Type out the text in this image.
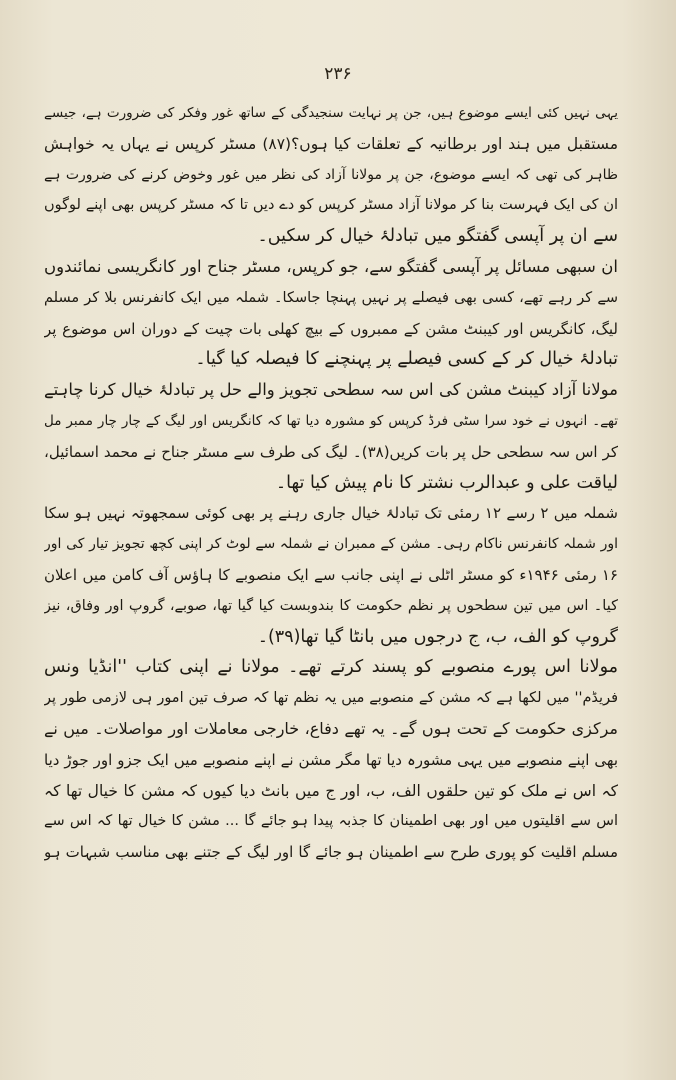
۲۳۶

یہی نہیں کئی ایسے موضوع ہیں، جن پر نہایت سنجیدگی کے ساتھ غور وفکر کی ضرورت ہے، جیسے
مستقبل میں ہند اور برطانیہ کے تعلقات کیا ہوں؟(۸۷) مسٹر کرپس نے یہاں یہ خواہش
ظاہر کی تھی کہ ایسے موضوع، جن پر مولانا آزاد کی نظر میں غور وخوض کرنے کی ضرورت ہے
ان کی ایک فہرست بنا کر مولانا آزاد مسٹر کرپس کو دے دیں تا کہ مسٹر کرپس بھی اپنے لوگوں
سے ان پر آپسی گفتگو میں تبادلۂ خیال کر سکیں۔

ان سبھی مسائل پر آپسی گفتگو سے، جو کرپس، مسٹر جناح اور کانگریسی نمائندوں
سے کر رہے تھے، کسی بھی فیصلے پر نہیں پہنچا جاسکا۔ شملہ میں ایک کانفرنس بلا کر مسلم
لیگ، کانگریس اور کیبنٹ مشن کے ممبروں کے بیچ کھلی بات چیت کے دوران اس موضوع پر
تبادلۂ خیال کر کے کسی فیصلے پر پہنچنے کا فیصلہ کیا گیا۔

مولانا آزاد کیبنٹ مشن کی اس سہ سطحی تجویز والے حل پر تبادلۂ خیال کرنا چاہتے
تھے۔ انہوں نے خود سرا سٹی فرڈ کرپس کو مشورہ دیا تھا کہ کانگریس اور لیگ کے چار چار ممبر مل
کر اس سہ سطحی حل پر بات کریں(۳۸)۔ لیگ کی طرف سے مسٹر جناح نے محمد اسمائیل،
لیاقت علی و عبدالرب نشتر کا نام پیش کیا تھا۔

شملہ میں ۲ رسے ۱۲ رمئی تک تبادلۂ خیال جاری رہنے پر بھی کوئی سمجھوتہ نہیں ہو سکا
اور شملہ کانفرنس ناکام رہی۔ مشن کے ممبران نے شملہ سے لوٹ کر اپنی کچھ تجویز تیار کی اور
۱۶ رمئی ۱۹۴۶ء کو مسٹر اٹلی نے اپنی جانب سے ایک منصوبے کا ہاؤس آف کامن میں اعلان
کیا۔ اس میں تین سطحوں پر نظم حکومت کا بندوبست کیا گیا تھا، صوبے، گروپ اور وفاق، نیز
گروپ کو الف، ب، ج درجوں میں بانٹا گیا تھا(۳۹)۔

مولانا اس پورے منصوبے کو پسند کرتے تھے۔ مولانا نے اپنی کتاب ''انڈیا ونس
فریڈم'' میں لکھا ہے کہ مشن کے منصوبے میں یہ نظم تھا کہ صرف تین امور ہی لازمی طور پر
مرکزی حکومت کے تحت ہوں گے۔ یہ تھے دفاع، خارجی معاملات اور مواصلات۔ میں نے
بھی اپنے منصوبے میں یہی مشورہ دیا تھا مگر مشن نے اپنے منصوبے میں ایک جزو اور جوڑ دیا
کہ اس نے ملک کو تین حلقوں الف، ب، اور ج میں بانٹ دیا کیوں کہ مشن کا خیال تھا کہ
اس سے اقلیتوں میں اور بھی اطمینان کا جذبہ پیدا ہو جائے گا ... مشن کا خیال تھا کہ اس سے
مسلم اقلیت کو پوری طرح سے اطمینان ہو جائے گا اور لیگ کے جتنے بھی مناسب شبہات ہو
